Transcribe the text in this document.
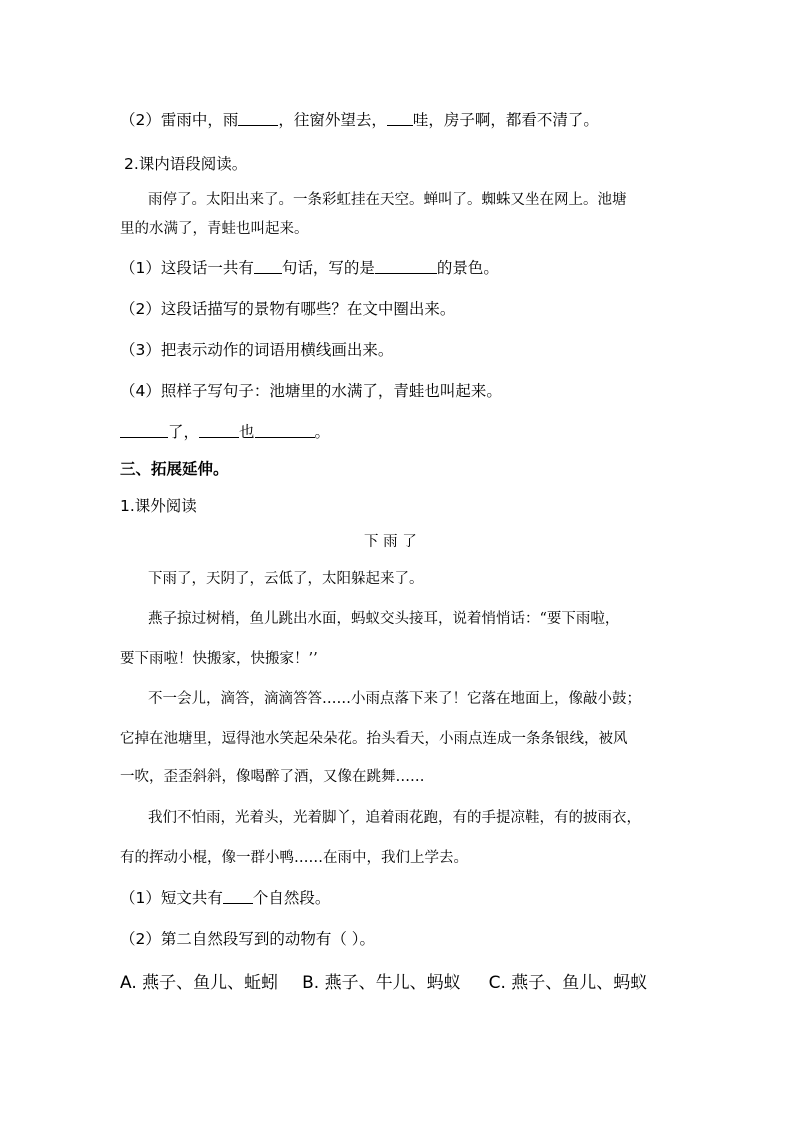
（2）雷雨中，雨	，往窗外望去， 哇，房子啊，都看不清了。
2.课内语段阅读。
雨停了。太阳出来了。一条彩虹挂在天空。蝉叫了。蜘蛛又坐在网上。池塘
里的水满了，青蛙也叫起来。
（1）这段话一共有 句话，写的是	的景色。
（2）这段话描写的景物有哪些？在文中圈出来。
（3）把表示动作的词语用横线画出来。
（4）照样子写句子：池塘里的水满了，青蛙也叫起来。
了，	也	。
三、拓展延伸。
1.课外阅读
下 雨 了
下雨了，天阴了，云低了，太阳躲起来了。
燕子掠过树梢，鱼儿跳出水面，蚂蚁交头接耳，说着悄悄话：“要下雨啦，
要下雨啦！快搬家，快搬家！’’
不一会儿，滴答，滴滴答答……小雨点落下来了！它落在地面上，像敲小鼓；
它掉在池塘里，逗得池水笑起朵朵花。抬头看天，小雨点连成一条条银线，被风
一吹，歪歪斜斜，像喝醉了酒，又像在跳舞……
我们不怕雨，光着头，光着脚丫，追着雨花跑，有的手提凉鞋，有的披雨衣，
有的挥动小棍，像一群小鸭……在雨中，我们上学去。
（1）短文共有 个自然段。
（2）第二自然段写到的动物有（ ）。
A. 燕子、鱼儿、蚯蚓 B. 燕子、牛儿、蚂蚁 C. 燕子、鱼儿、蚂蚁
